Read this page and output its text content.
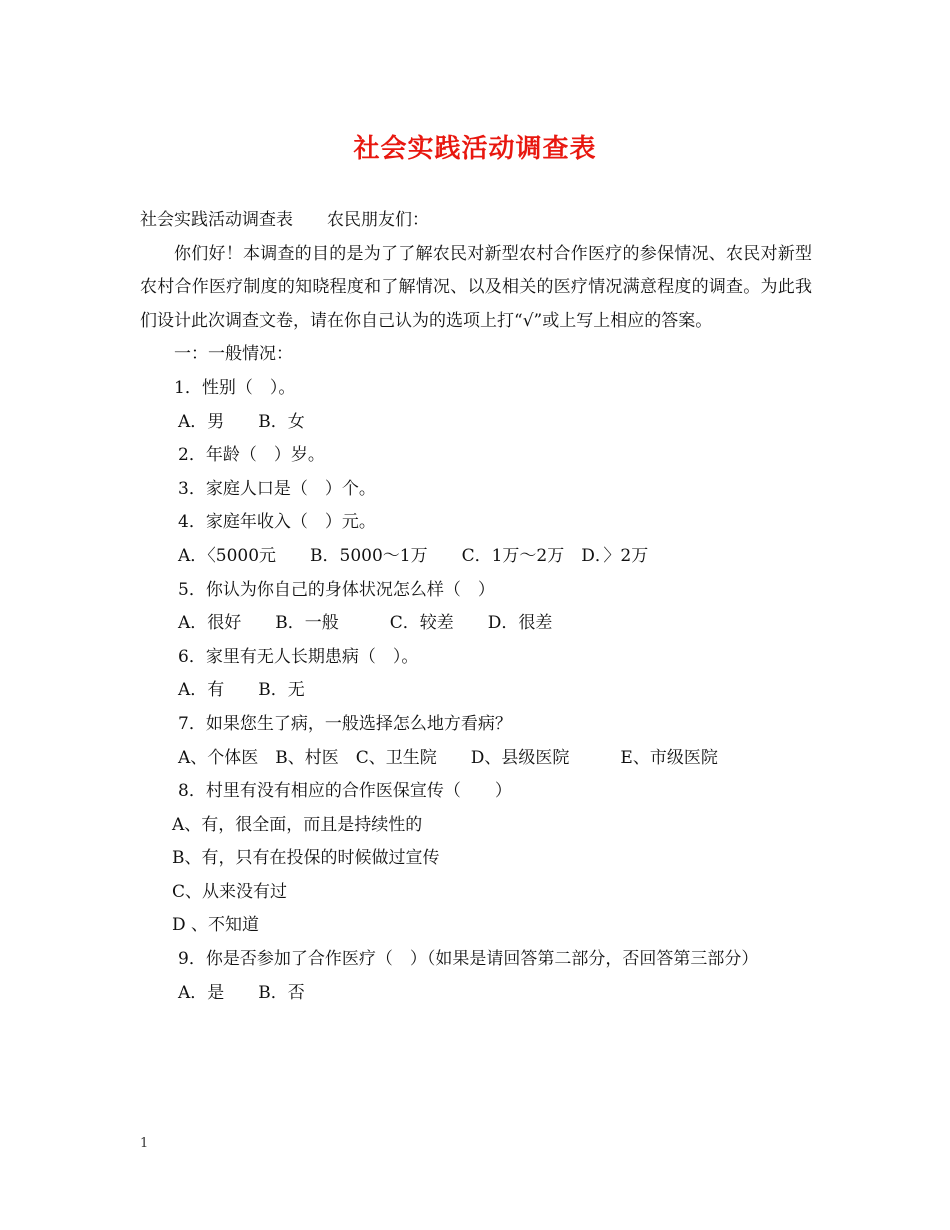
社会实践活动调查表
社会实践活动调查表　　农民朋友们：
你们好！本调查的目的是为了了解农民对新型农村合作医疗的参保情况、农民对新型农村合作医疗制度的知晓程度和了解情况、以及相关的医疗情况满意程度的调查。为此我们设计此次调查文卷，请在你自己认为的选项上打“√”或上写上相应的答案。
一：一般情况：
1．性别（　）。
A．男　　B．女
2．年龄（　）岁。
3．家庭人口是（　）个。
4．家庭年收入（　）元。
A．〈5000元　　B．5000～1万　　C．1万～2万　D．〉2万
5．你认为你自己的身体状况怎么样（　）
A．很好　　B．一般　　　C．较差　　D．很差
6．家里有无人长期患病（　）。
A．有　　B．无
7．如果您生了病，一般选择怎么地方看病？
A、个体医　B、村医　C、卫生院　　D、县级医院　　　E、市级医院
8．村里有没有相应的合作医保宣传（　　）
A、有，很全面，而且是持续性的
B、有，只有在投保的时候做过宣传
C、从来没有过
D 、不知道
9．你是否参加了合作医疗（　）（如果是请回答第二部分，否回答第三部分）
A．是　　B．否
1
